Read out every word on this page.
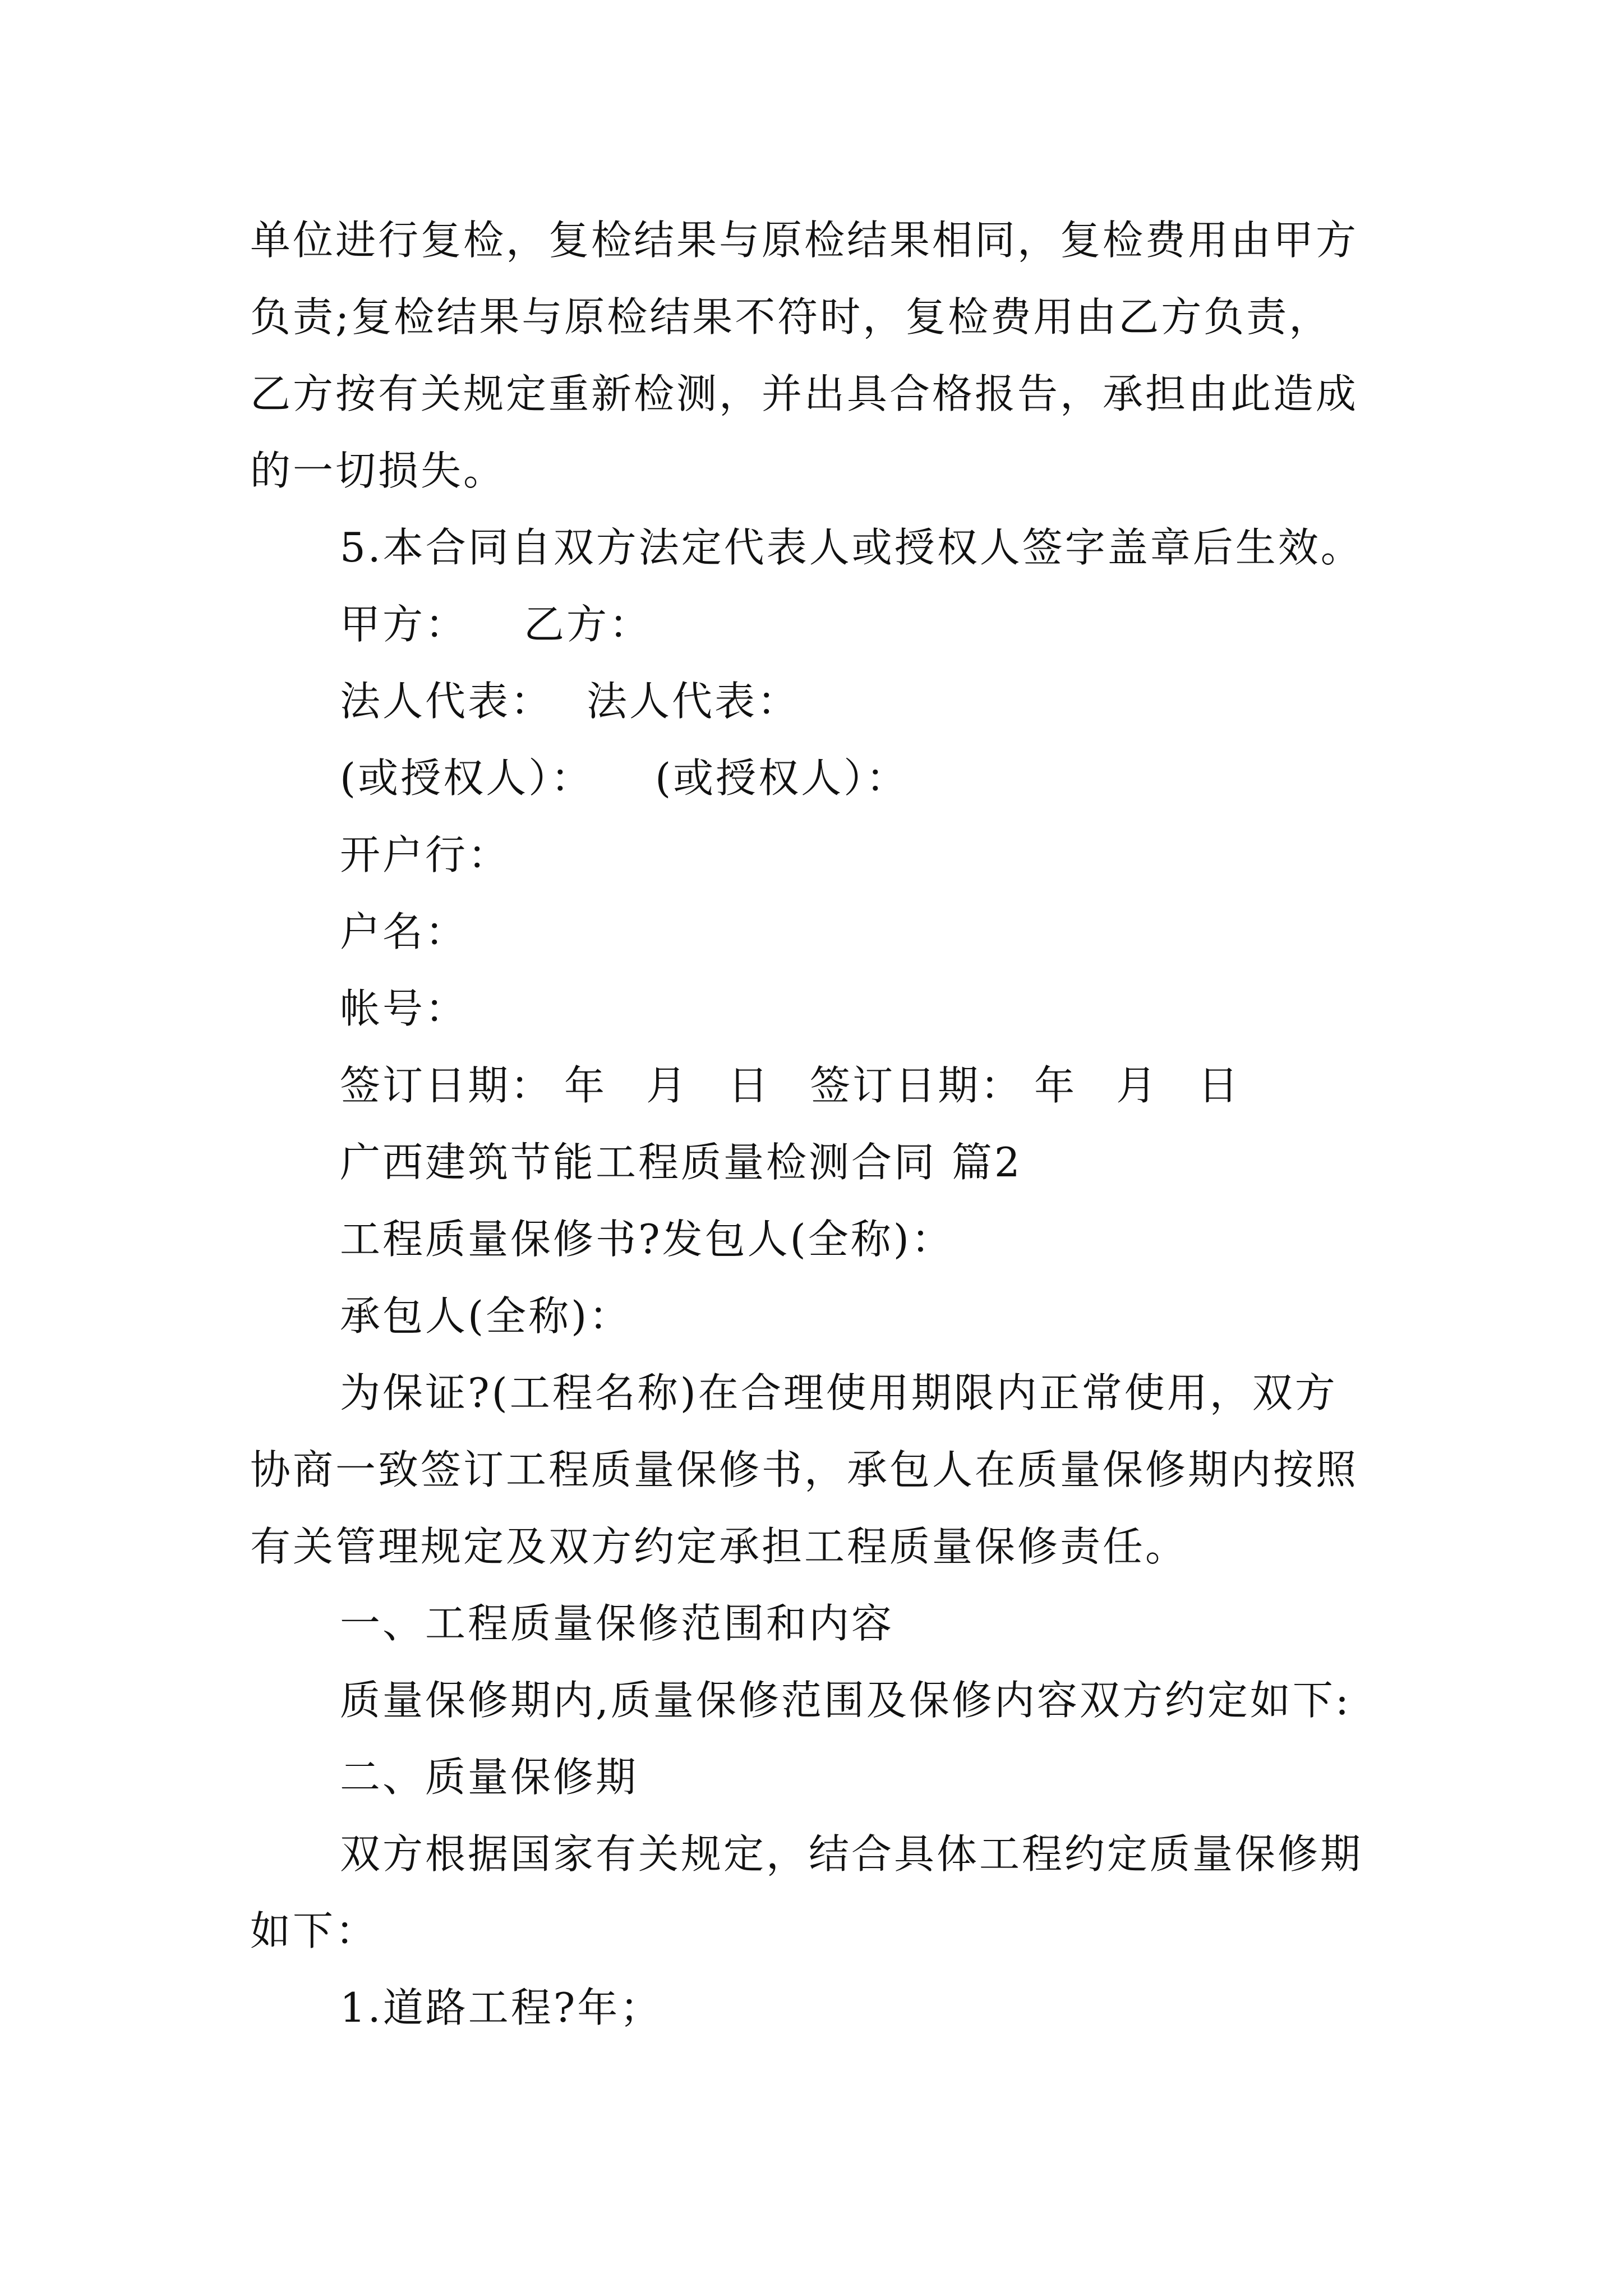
单位进行复检，复检结果与原检结果相同，复检费用由甲方
负责;复检结果与原检结果不符时，复检费用由乙方负责，
乙方按有关规定重新检测，并出具合格报告，承担由此造成
的一切损失。
5.本合同自双方法定代表人或授权人签字盖章后生效。
甲方： 乙方：
法人代表： 法人代表：
(或授权人）： (或授权人）：
开户行：
户名：
帐号：
签订日期： 年 月 日 签订日期： 年 月 日
广西建筑节能工程质量检测合同 篇2
工程质量保修书?发包人(全称)：
承包人(全称)：
为保证?(工程名称)在合理使用期限内正常使用，双方
协商一致签订工程质量保修书，承包人在质量保修期内按照
有关管理规定及双方约定承担工程质量保修责任。
一、工程质量保修范围和内容
质量保修期内,质量保修范围及保修内容双方约定如下:
二、质量保修期
双方根据国家有关规定，结合具体工程约定质量保修期
如下：
1.道路工程?年；
